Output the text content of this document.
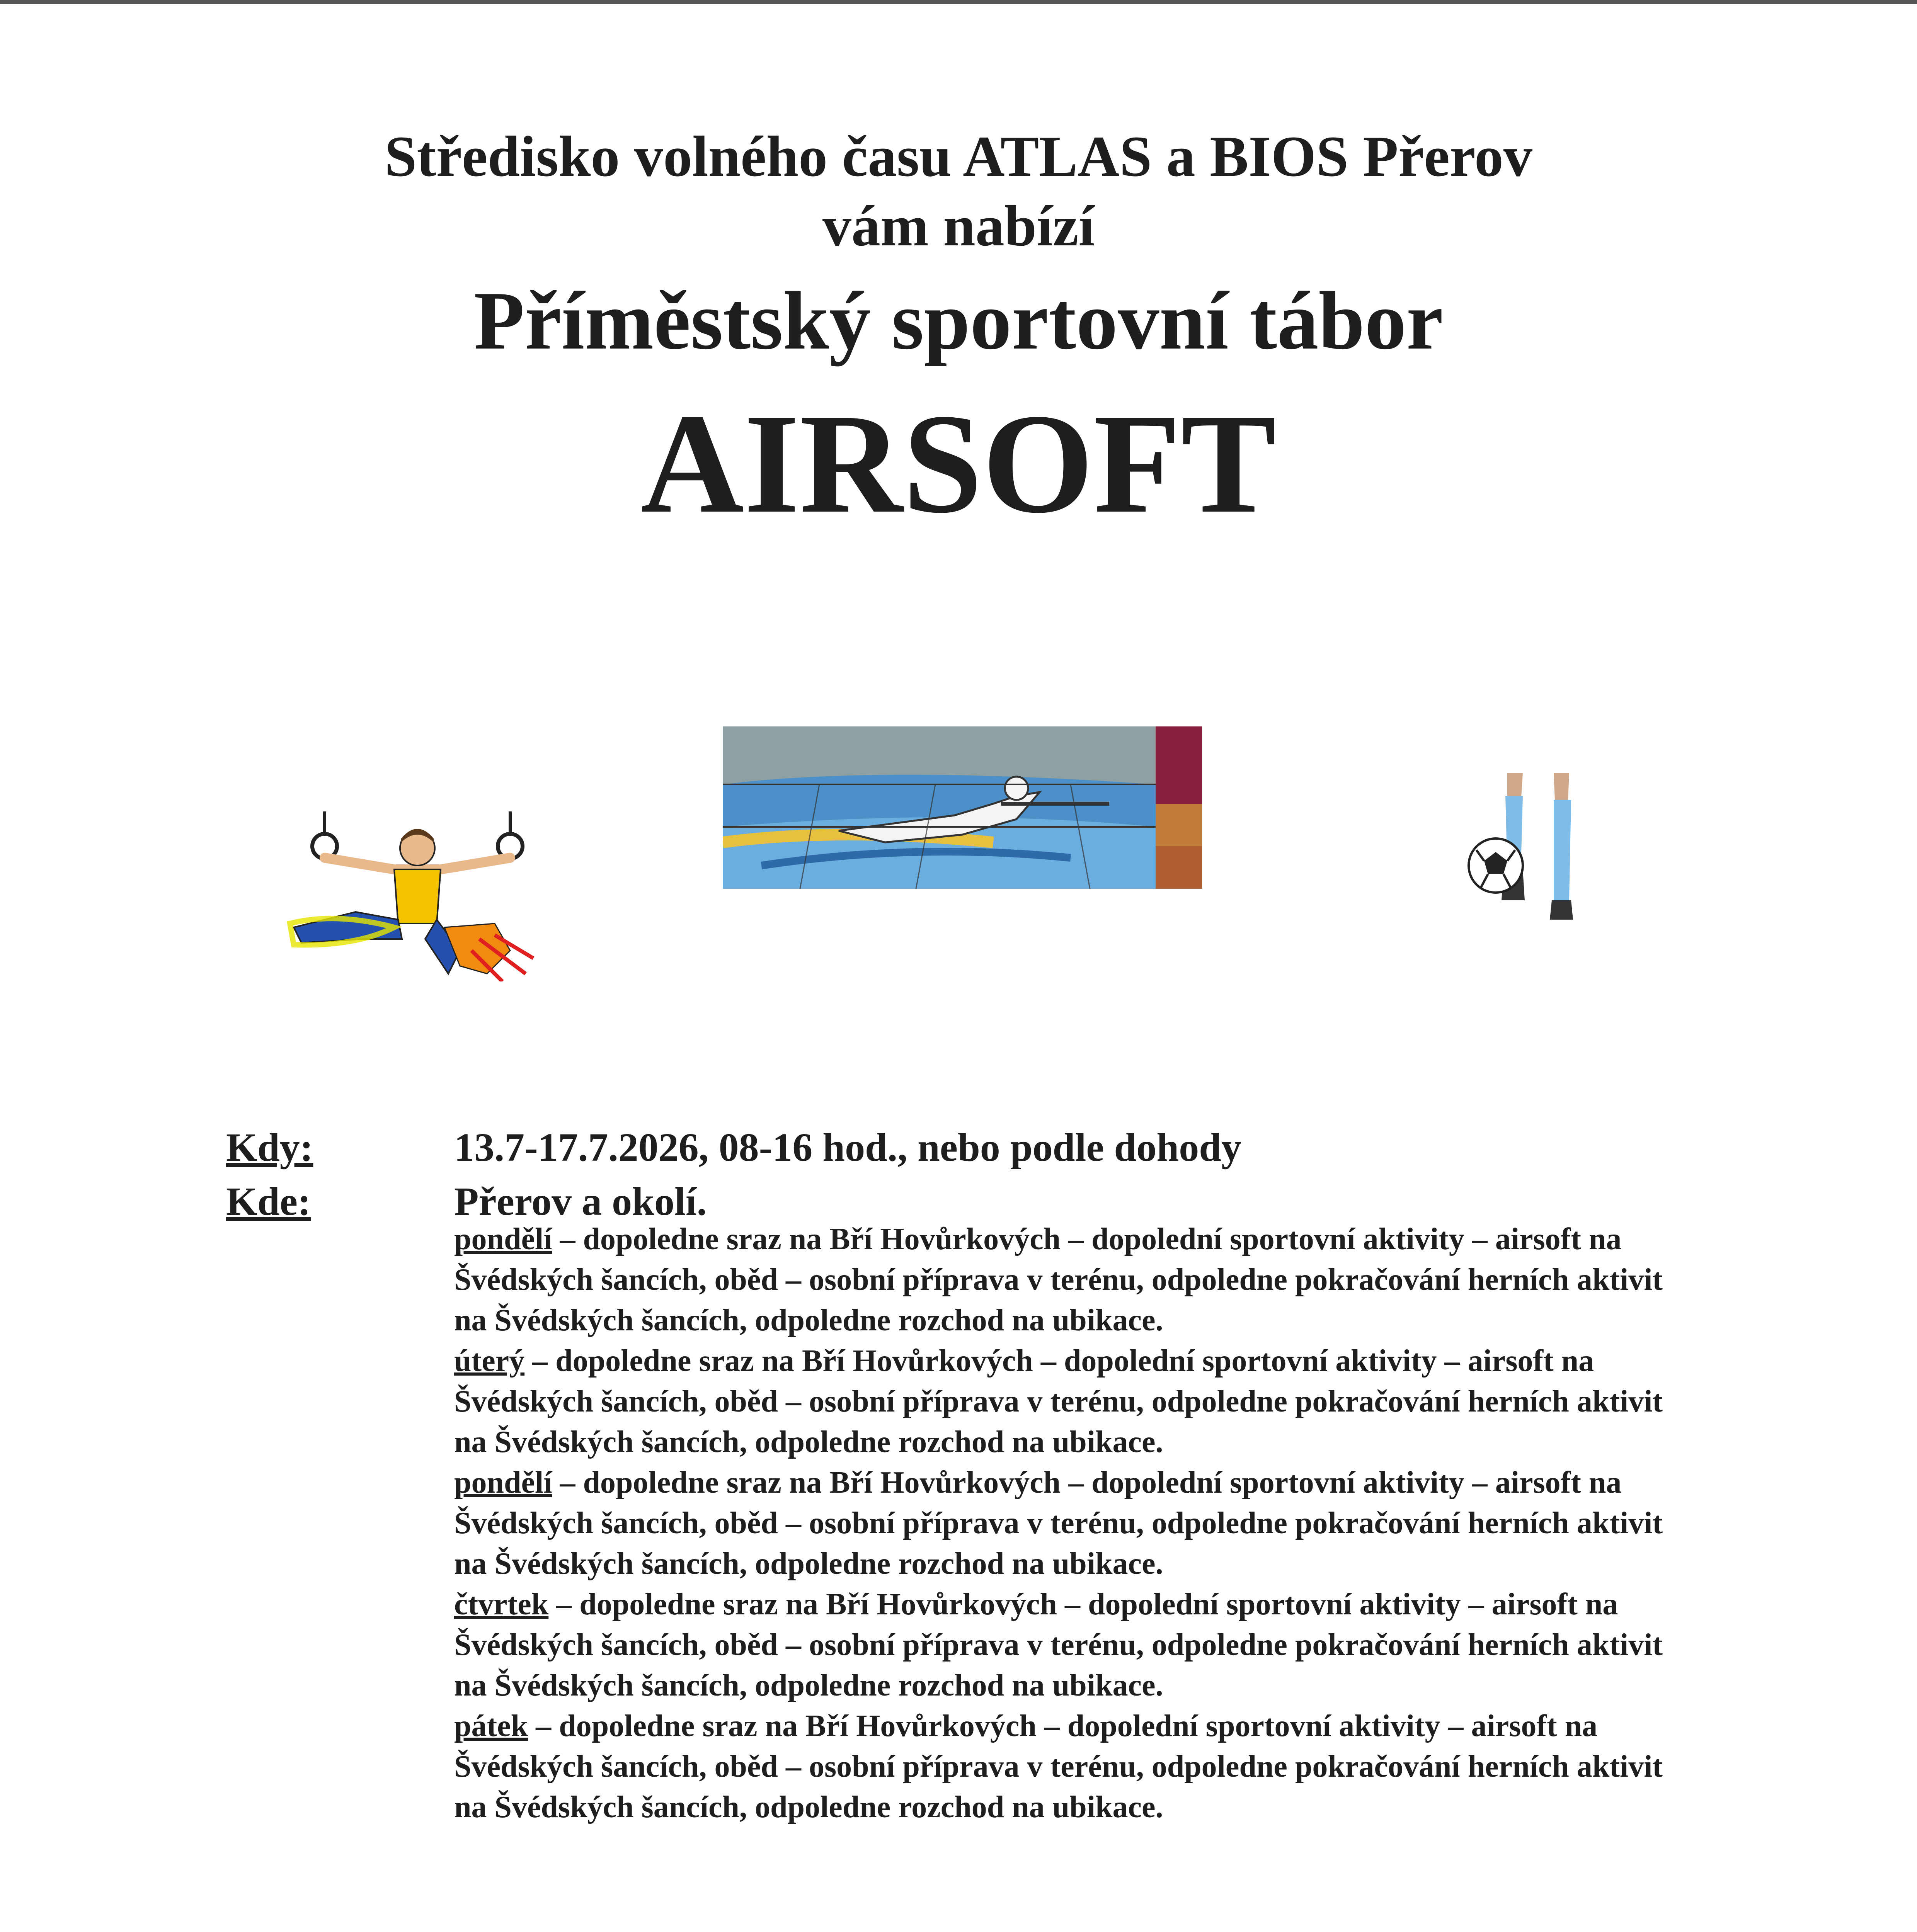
Středisko volného času ATLAS a BIOS Přerov
vám nabízí
Příměstský sportovní tábor
AIRSOFT
Kdy:	13.7-17.7.2026, 08-16 hod., nebo podle dohody
Kde:	Přerov a okolí.
pondělí – dopoledne sraz na Bří Hovůrkových – dopolední sportovní aktivity – airsoft na Švédských šancích, oběd – osobní příprava v terénu, odpoledne pokračování herních aktivit na Švédských šancích, odpoledne rozchod na ubikace.
úterý – dopoledne sraz na Bří Hovůrkových – dopolední sportovní aktivity – airsoft na Švédských šancích, oběd – osobní příprava v terénu, odpoledne pokračování herních aktivit na Švédských šancích, odpoledne rozchod na ubikace.
pondělí – dopoledne sraz na Bří Hovůrkových – dopolední sportovní aktivity – airsoft na Švédských šancích, oběd – osobní příprava v terénu, odpoledne pokračování herních aktivit na Švédských šancích, odpoledne rozchod na ubikace.
čtvrtek – dopoledne sraz na Bří Hovůrkových – dopolední sportovní aktivity – airsoft na Švédských šancích, oběd – osobní příprava v terénu, odpoledne pokračování herních aktivit na Švédských šancích, odpoledne rozchod na ubikace.
pátek – dopoledne sraz na Bří Hovůrkových – dopolední sportovní aktivity – airsoft na Švédských šancích, oběd – osobní příprava v terénu, odpoledne pokračování herních aktivit na Švédských šancích, odpoledne rozchod na ubikace.
